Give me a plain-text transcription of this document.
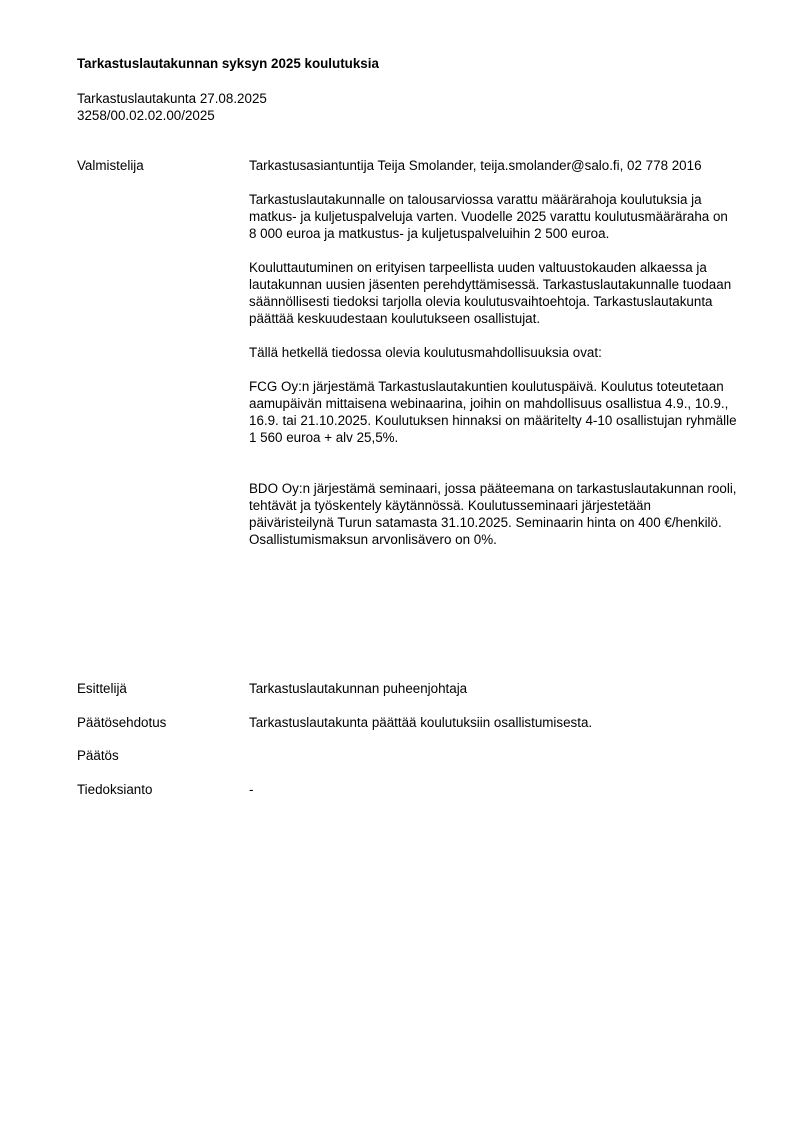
Tarkastuslautakunnan syksyn 2025 koulutuksia
Tarkastuslautakunta 27.08.2025
3258/00.02.02.00/2025
Valmistelija	Tarkastusasiantuntija Teija Smolander, teija.smolander@salo.fi, 02 778 2016

Tarkastuslautakunnalle on talousarviossa varattu määrärahoja koulutuksia ja matkus- ja kuljetuspalveluja varten. Vuodelle 2025 varattu koulutusmääräraha on 8 000 euroa ja matkustus- ja kuljetuspalveluihin 2 500 euroa.

Kouluttautuminen on erityisen tarpeellista uuden valtuustokauden alkaessa ja lautakunnan uusien jäsenten perehdyttämisessä. Tarkastuslautakunnalle tuodaan säännöllisesti tiedoksi tarjolla olevia koulutusvaihtoehtoja. Tarkastuslautakunta päättää keskuudestaan koulutukseen osallistujat.

Tällä hetkellä tiedossa olevia koulutusmahdollisuuksia ovat:

FCG Oy:n järjestämä Tarkastuslautakuntien koulutuspäivä. Koulutus toteutetaan aamupäivän mittaisena webinaarina, joihin on mahdollisuus osallistua 4.9., 10.9., 16.9. tai 21.10.2025. Koulutuksen hinnaksi on määritelty 4-10 osallistujan ryhmälle 1 560 euroa + alv 25,5%.

BDO Oy:n järjestämä seminaari, jossa pääteemana on tarkastuslautakunnan rooli, tehtävät ja työskentely käytännössä. Koulutusseminaari järjestetään päiväristeilynä Turun satamasta 31.10.2025. Seminaarin hinta on 400 €/henkilö. Osallistumismaksun arvonlisävero on 0%.

Esittelijä	Tarkastuslautakunnan puheenjohtaja
Päätösehdotus	Tarkastuslautakunta päättää koulutuksiin osallistumisesta.
Päätös
Tiedoksianto	-
